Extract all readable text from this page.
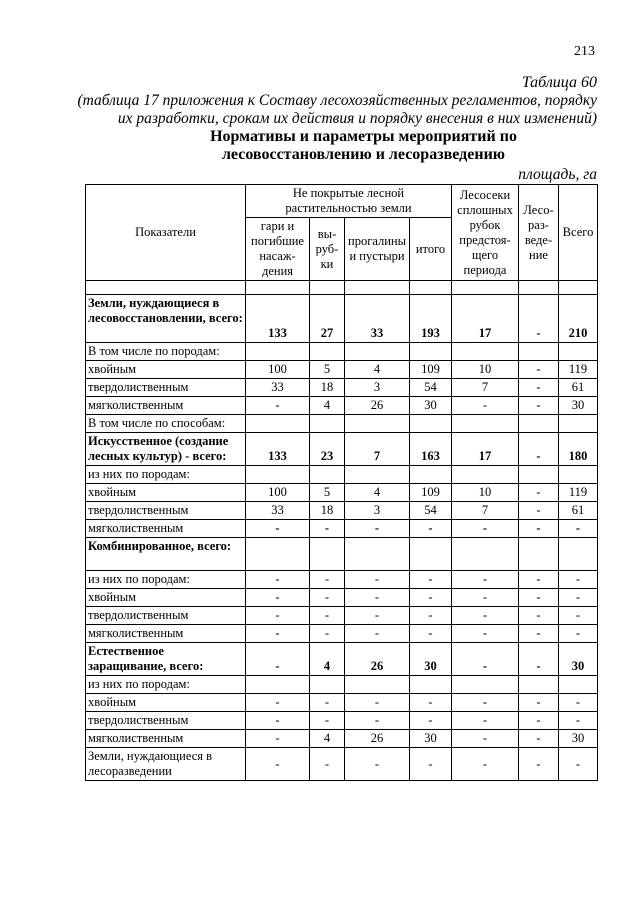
213
Таблица 60
(таблица 17 приложения к Составу лесохозяйственных регламентов, порядку
их разработки, срокам их действия и порядку внесения в них изменений)
Нормативы и параметры мероприятий по
лесовосстановлению и лесоразведению
площадь, га
Показатели	Не покрытые лесной растительностью земли				Лесосеки сплошных рубок предстоя-щего периода	Лесо-раз-веде-ние	Всего
	гари и погибшие насаж-дения	вы-руб-ки	прогалины и пустыри	итого			

Земли, нуждающиеся в лесовосстановлении, всего:	133	27	33	193	17	-	210
В том числе по породам:							
хвойным	100	5	4	109	10	-	119
твердолиственным	33	18	3	54	7	-	61
мягколиственным	-	4	26	30	-	-	30
В том числе по способам:							
Искусственное (создание лесных культур) - всего:	133	23	7	163	17	-	180
из них по породам:							
хвойным	100	5	4	109	10	-	119
твердолиственным	33	18	3	54	7	-	61
мягколиственным	-	-	-	-	-	-	-
Комбинированное, всего:							
из них по породам:	-	-	-	-	-	-	-
хвойным	-	-	-	-	-	-	-
твердолиственным	-	-	-	-	-	-	-
мягколиственным	-	-	-	-	-	-	-
Естественное заращивание, всего:	-	4	26	30	-	-	30
из них по породам:							
хвойным	-	-	-	-	-	-	-
твердолиственным	-	-	-	-	-	-	-
мягколиственным	-	4	26	30	-	-	30
Земли, нуждающиеся в лесоразведении	-	-	-	-	-	-	-
